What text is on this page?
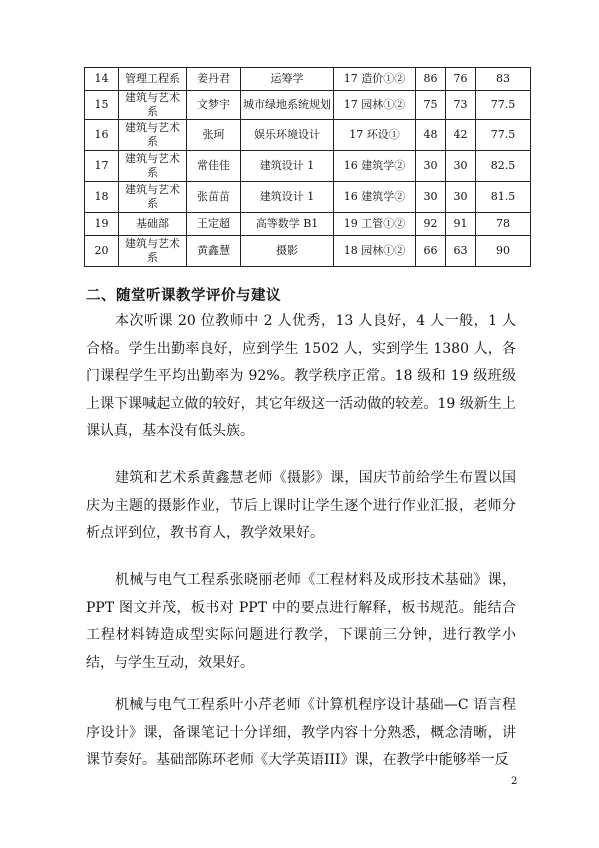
14	管理工程系	姜丹君	运筹学	17 造价①②	86	76	83
15	建筑与艺术系	文梦宇	城市绿地系统规划	17 园林①②	75	73	77.5
16	建筑与艺术系	张珂	娱乐环境设计	17 环设①	48	42	77.5
17	建筑与艺术系	常佳佳	建筑设计 1	16 建筑学②	30	30	82.5
18	建筑与艺术系	张苗苗	建筑设计 1	16 建筑学②	30	30	81.5
19	基础部	王定超	高等数学 B1	19 工管①②	92	91	78
20	建筑与艺术系	黄鑫慧	摄影	18 园林①②	66	63	90
二、随堂听课教学评价与建议

本次听课 20 位教师中 2 人优秀，13 人良好，4 人一般，1 人合格。学生出勤率良好，应到学生 1502 人，实到学生 1380 人，各门课程学生平均出勤率为 92%。教学秩序正常。18 级和 19 级班级上课下课喊起立做的较好，其它年级这一活动做的较差。19 级新生上课认真，基本没有低头族。

建筑和艺术系黄鑫慧老师《摄影》课，国庆节前给学生布置以国庆为主题的摄影作业，节后上课时让学生逐个进行作业汇报，老师分析点评到位，教书育人，教学效果好。

机械与电气工程系张晓丽老师《工程材料及成形技术基础》课，PPT 图文并茂，板书对 PPT 中的要点进行解释，板书规范。能结合工程材料铸造成型实际问题进行教学，下课前三分钟，进行教学小结，与学生互动，效果好。

机械与电气工程系叶小芹老师《计算机程序设计基础—C 语言程序设计》课，备课笔记十分详细，教学内容十分熟悉，概念清晰，讲课节奏好。基础部陈环老师《大学英语III》课，在教学中能够举一反

2
